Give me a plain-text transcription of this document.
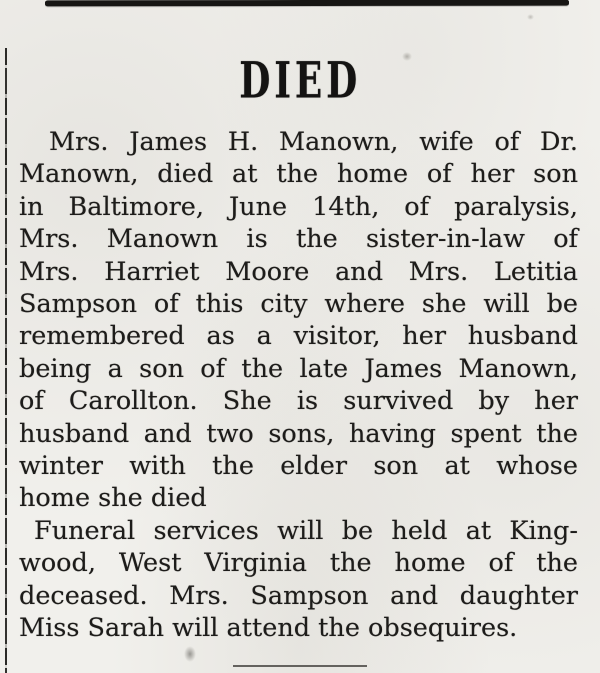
DIED
Mrs. James H. Manown, wife of Dr.
Manown, died at the home of her son
in Baltimore, June 14th, of paralysis,
Mrs. Manown is the sister-in-law of
Mrs. Harriet Moore and Mrs. Letitia
Sampson of this city where she will be
remembered as a visitor, her husband
being a son of the late James Manown,
of Carollton. She is survived by her
husband and two sons, having spent the
winter with the elder son at whose
home she died
Funeral services will be held at King-
wood, West Virginia the home of the
deceased. Mrs. Sampson and daughter
Miss Sarah will attend the obsequires.
